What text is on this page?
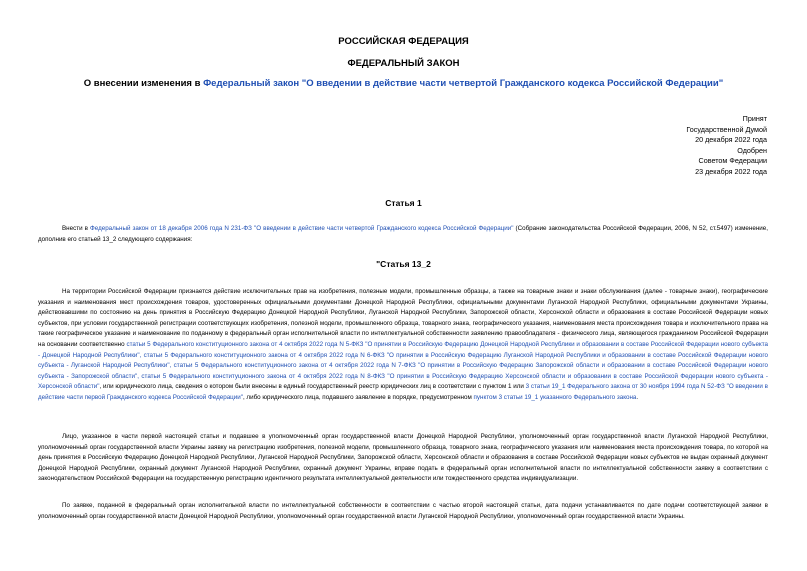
РОССИЙСКАЯ ФЕДЕРАЦИЯ
ФЕДЕРАЛЬНЫЙ ЗАКОН
О внесении изменения в Федеральный закон "О введении в действие части четвертой Гражданского кодекса Российской Федерации"
Принят
Государственной Думой
20 декабря 2022 года
Одобрен
Советом Федерации
23 декабря 2022 года
Статья 1
Внести в Федеральный закон от 18 декабря 2006 года N 231-ФЗ "О введении в действие части четвертой Гражданского кодекса Российской Федерации" (Собрание законодательства Российской Федерации, 2006, N 52, ст.5497) изменение, дополнив его статьей 13_2 следующего содержания:
"Статья 13_2
На территории Российской Федерации признается действие исключительных прав на изобретения, полезные модели, промышленные образцы, а также на товарные знаки и знаки обслуживания (далее - товарные знаки), географические указания и наименования мест происхождения товаров, удостоверенных официальными документами Донецкой Народной Республики, официальными документами Луганской Народной Республики, официальными документами Украины, действовавшими по состоянию на день принятия в Российскую Федерацию Донецкой Народной Республики, Луганской Народной Республики, Запорожской области, Херсонской области и образования в составе Российской Федерации новых субъектов, при условии государственной регистрации соответствующих изобретения, полезной модели, промышленного образца, товарного знака, географического указания, наименования места происхождения товара и исключительного права на такие географическое указание и наименование по поданному в федеральный орган исполнительной власти по интеллектуальной собственности заявлению правообладателя - физического лица, являющегося гражданином Российской Федерации на основании соответственно статьи 5 Федерального конституционного закона от 4 октября 2022 года N 5-ФКЗ "О принятии в Российскую Федерацию Донецкой Народной Республики и образовании в составе Российской Федерации нового субъекта - Донецкой Народной Республики", статьи 5 Федерального конституционного закона от 4 октября 2022 года N 6-ФКЗ "О принятии в Российскую Федерацию Луганской Народной Республики и образовании в составе Российской Федерации нового субъекта - Луганской Народной Республики", статьи 5 Федерального конституционного закона от 4 октября 2022 года N 7-ФКЗ "О принятии в Российскую Федерацию Запорожской области и образовании в составе Российской Федерации нового субъекта - Запорожской области", статьи 5 Федерального конституционного закона от 4 октября 2022 года N 8-ФКЗ "О принятии в Российскую Федерацию Херсонской области и образовании в составе Российской Федерации нового субъекта - Херсонской области", или юридического лица, сведения о котором были внесены в единый государственный реестр юридических лиц в соответствии с пунктом 1 или 3 статьи 19_1 Федерального закона от 30 ноября 1994 года N 52-ФЗ "О введении в действие части первой Гражданского кодекса Российской Федерации", либо юридического лица, подавшего заявление в порядке, предусмотренном пунктом 3 статьи 19_1 указанного Федерального закона.
Лицо, указанное в части первой настоящей статьи и подавшее в уполномоченный орган государственной власти Донецкой Народной Республики, уполномоченный орган государственной власти Луганской Народной Республики, уполномоченный орган государственной власти Украины заявку на регистрацию изобретения, полезной модели, промышленного образца, товарного знака, географического указания или наименования места происхождения товара, по которой на день принятия в Российскую Федерацию Донецкой Народной Республики, Луганской Народной Республики, Запорожской области, Херсонской области и образования в составе Российской Федерации новых субъектов не выдан охранный документ Донецкой Народной Республики, охранный документ Луганской Народной Республики, охранный документ Украины, вправе подать в федеральный орган исполнительной власти по интеллектуальной собственности заявку в соответствии с законодательством Российской Федерации на государственную регистрацию идентичного результата интеллектуальной деятельности или тождественного средства индивидуализации.
По заявке, поданной в федеральный орган исполнительной власти по интеллектуальной собственности в соответствии с частью второй настоящей статьи, дата подачи устанавливается по дате подачи соответствующей заявки в уполномоченный орган государственной власти Донецкой Народной Республики, уполномоченный орган государственной власти Луганской Народной Республики, уполномоченный орган государственной власти Украины.
